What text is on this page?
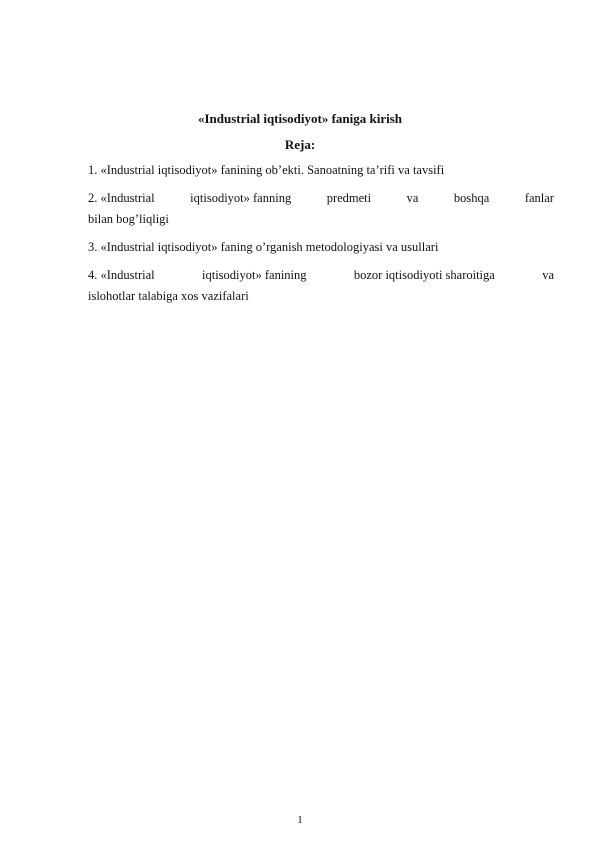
«Industrial iqtisodiyot» faniga kirish
Reja:
1. «Industrial iqtisodiyot» fanining ob’ekti. Sanoatning ta’rifi va tavsifi
2. «Industrial	iqtisodiyot» fanning	predmeti	va	boshqa	fanlar
bilan bog’liqligi
3. «Industrial iqtisodiyot» faning o’rganish metodologiyasi va usullari
4. «Industrial	iqtisodiyot» fanining	bozor iqtisodiyoti sharoitiga	va
islohotlar talabiga xos vazifalari
1
